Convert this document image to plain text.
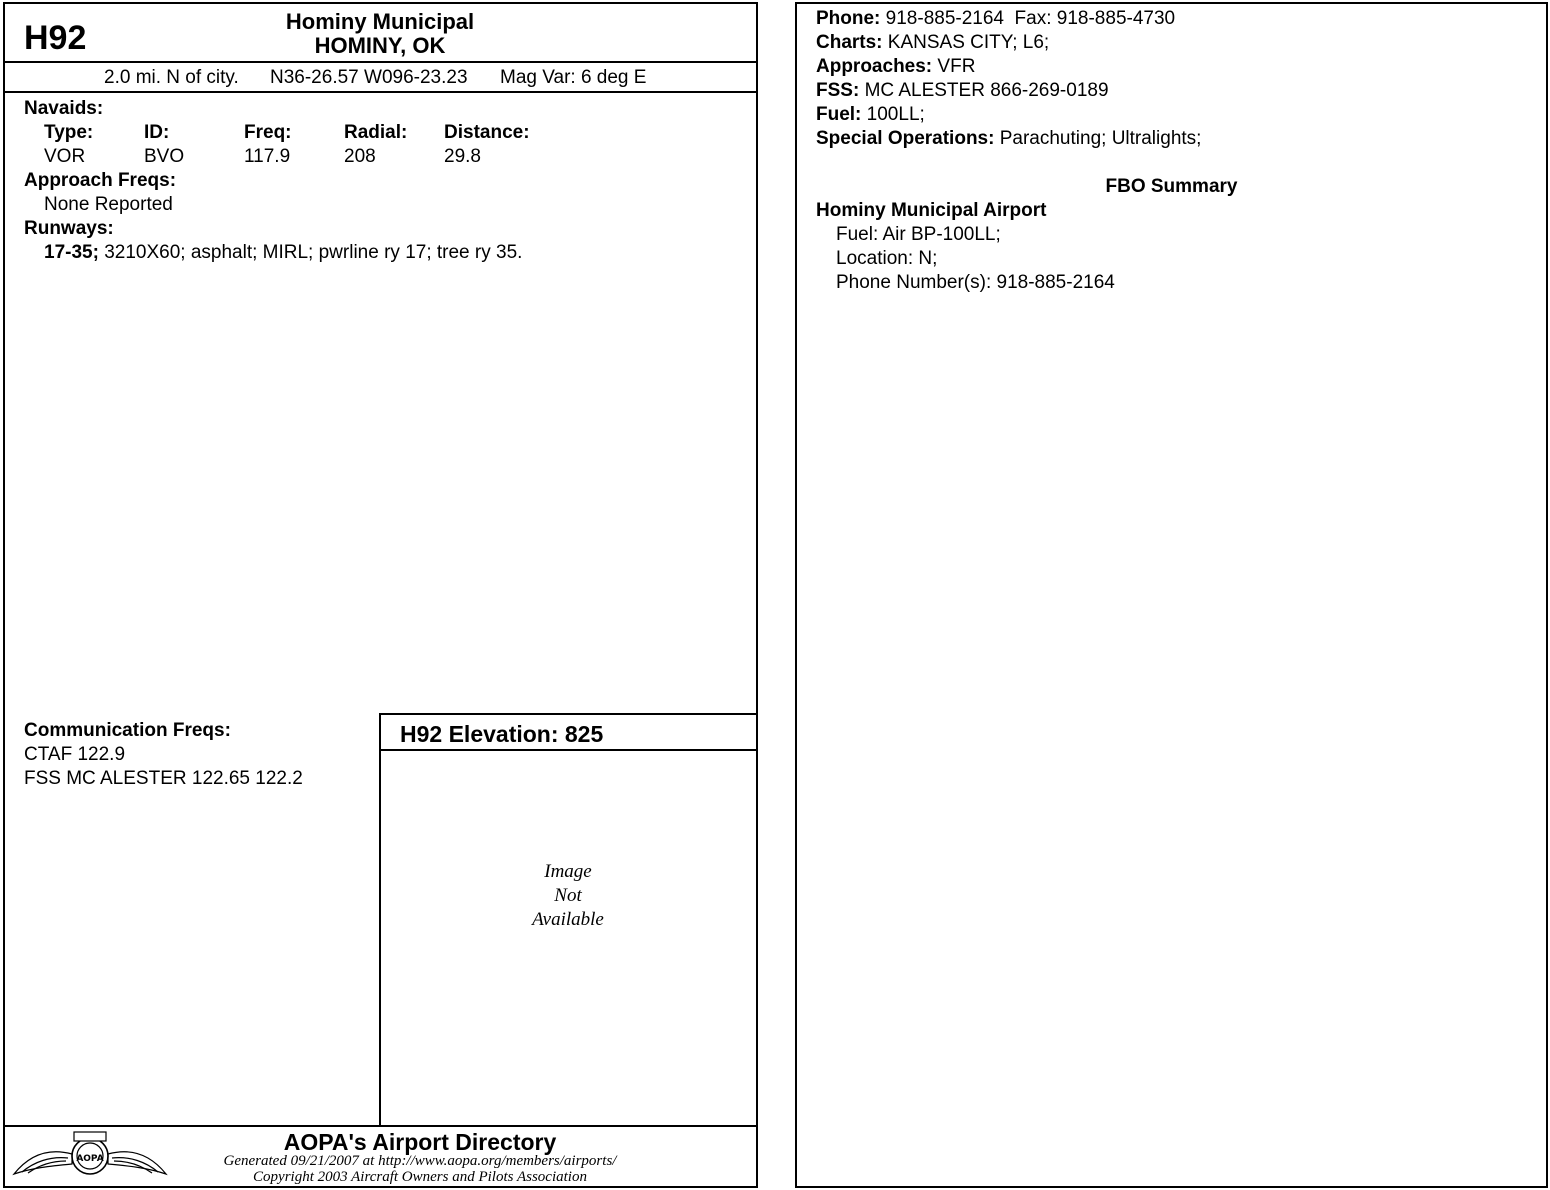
H92	Hominy Municipal
HOMINY, OK
2.0 mi. N of city. N36-26.57 W096-23.23 Mag Var: 6 deg E
Navaids:
Type:	ID:	Freq:	Radial: Distance:
VOR	BVO	117.9	208	29.8
Approach Freqs:
None Reported
Runways:
17-35; 3210X60; asphalt; MIRL; pwrline ry 17; tree ry 35.
Communication Freqs:
CTAF 122.9
FSS MC ALESTER 122.65 122.2
H92 Elevation: 825
Image
Not
Available
AOPA
AOPA's Airport Directory
Generated 09/21/2007 at http://www.aopa.org/members/airports/
Copyright 2003 Aircraft Owners and Pilots Association
Phone: 918-885-2164  Fax: 918-885-4730
Charts: KANSAS CITY; L6;
Approaches: VFR
FSS: MC ALESTER 866-269-0189
Fuel: 100LL;
Special Operations: Parachuting; Ultralights;
FBO Summary
Hominy Municipal Airport
Fuel: Air BP-100LL;
Location: N;
Phone Number(s): 918-885-2164
